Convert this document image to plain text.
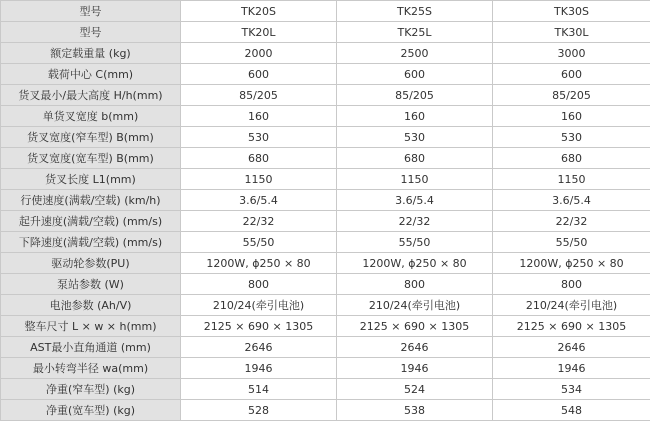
型号	TK20S	TK25S	TK30S
型号	TK20L	TK25L	TK30L
额定载重量 (kg)	2000	2500	3000
载荷中心 C(mm)	600	600	600
货叉最小/最大高度 H/h(mm)	85/205	85/205	85/205
单货叉宽度 b(mm)	160	160	160
货叉宽度(窄车型) B(mm)	530	530	530
货叉宽度(宽车型) B(mm)	680	680	680
货叉长度 L1(mm)	1150	1150	1150
行使速度(满载/空载) (km/h)	3.6/5.4	3.6/5.4	3.6/5.4
起升速度(满载/空载) (mm/s)	22/32	22/32	22/32
下降速度(满载/空载) (mm/s)	55/50	55/50	55/50
驱动轮参数(PU)	1200W, ϕ250 × 80	1200W, ϕ250 × 80	1200W, ϕ250 × 80
泵站参数 (W)	800	800	800
电池参数 (Ah/V)	210/24(牵引电池)	210/24(牵引电池)	210/24(牵引电池)
整车尺寸 L × w × h(mm)	2125 × 690 × 1305	2125 × 690 × 1305	2125 × 690 × 1305
AST最小直角通道 (mm)	2646	2646	2646
最小转弯半径 wa(mm)	1946	1946	1946
净重(窄车型) (kg)	514	524	534
净重(宽车型) (kg)	528	538	548
